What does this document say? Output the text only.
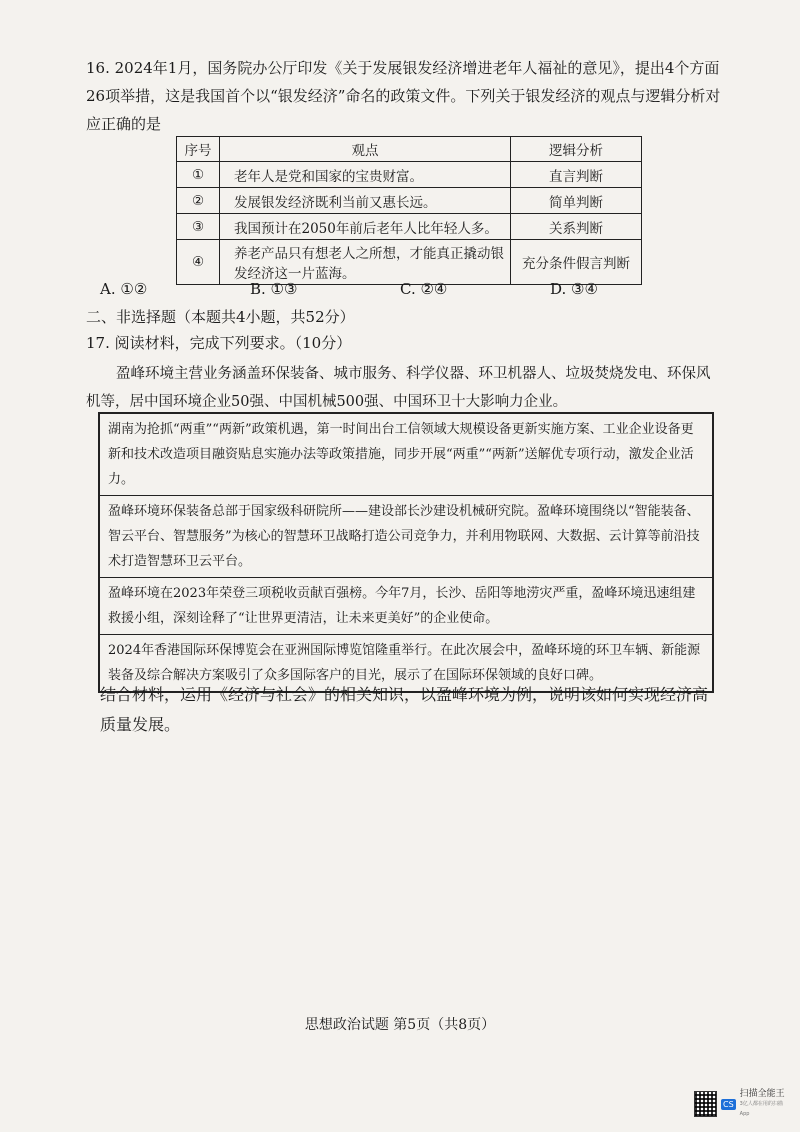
16. 2024年1月，国务院办公厅印发《关于发展银发经济增进老年人福祉的意见》，提出4个方面26项举措，这是我国首个以“银发经济”命名的政策文件。下列关于银发经济的观点与逻辑分析对应正确的是
序号	观点	逻辑分析
①	老年人是党和国家的宝贵财富。	直言判断
②	发展银发经济既利当前又惠长远。	简单判断
③	我国预计在2050年前后老年人比年轻人多。	关系判断
④	养老产品只有想老人之所想，才能真正撬动银发经济这一片蓝海。	充分条件假言判断
A. ①②	B. ①③	C. ②④	D. ③④
二、非选择题（本题共4小题，共52分）
17. 阅读材料，完成下列要求。（10分）
盈峰环境主营业务涵盖环保装备、城市服务、科学仪器、环卫机器人、垃圾焚烧发电、环保风机等，居中国环境企业50强、中国机械500强、中国环卫十大影响力企业。
湖南为抢抓“两重”“两新”政策机遇，第一时间出台工信领域大规模设备更新实施方案、工业企业设备更新和技术改造项目融资贴息实施办法等政策措施，同步开展“两重”“两新”送解优专项行动，激发企业活力。
盈峰环境环保装备总部于国家级科研院所——建设部长沙建设机械研究院。盈峰环境围绕以“智能装备、智云平台、智慧服务”为核心的智慧环卫战略打造公司竞争力，并利用物联网、大数据、云计算等前沿技术打造智慧环卫云平台。
盈峰环境在2023年荣登三项税收贡献百强榜。今年7月，长沙、岳阳等地涝灾严重，盈峰环境迅速组建救援小组，深刻诠释了“让世界更清洁，让未来更美好”的企业使命。
2024年香港国际环保博览会在亚洲国际博览馆隆重举行。在此次展会中，盈峰环境的环卫车辆、新能源装备及综合解决方案吸引了众多国际客户的目光，展示了在国际环保领域的良好口碑。
结合材料，运用《经济与社会》的相关知识，以盈峰环境为例，说明该如何实现经济高质量发展。
思想政治试题 第5页（共8页）
CS
扫描全能王
3亿人都在用的扫描App
